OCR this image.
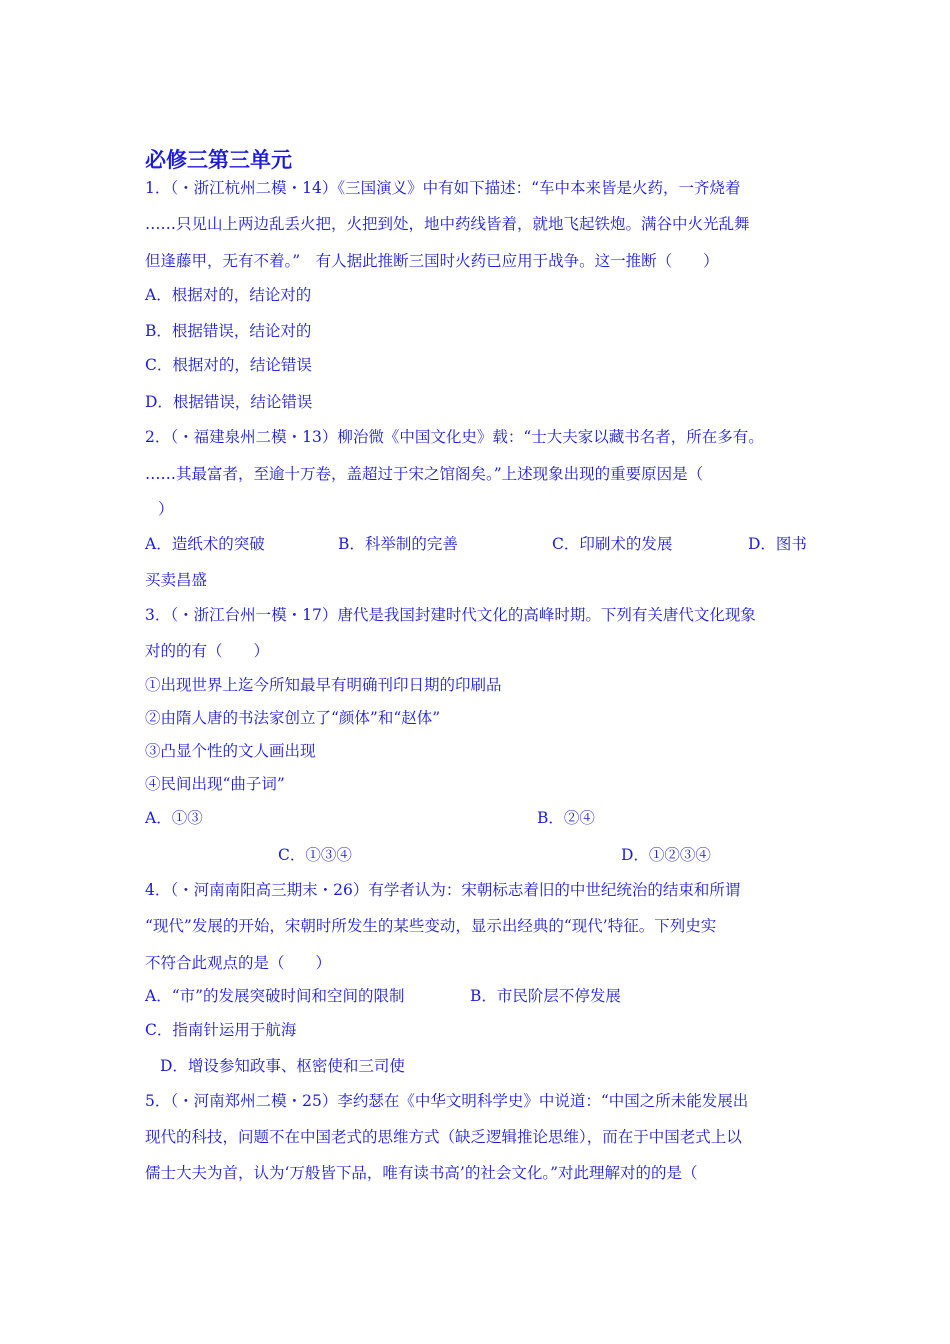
必修三第三单元
1．（・浙江杭州二模・14）《三国演义》中有如下描述：“车中本来皆是火药，一齐烧着
……只见山上两边乱丢火把，火把到处，地中药线皆着，就地飞起铁炮。满谷中火光乱舞
但逢藤甲，无有不着。”　有人据此推断三国时火药已应用于战争。这一推断（　　）
A．根据对的，结论对的
B．根据错误，结论对的
C．根据对的，结论错误
D．根据错误，结论错误
2．（・福建泉州二模・13）柳治微《中国文化史》载：“士大夫家以藏书名者，所在多有。
……其最富者，至逾十万卷，盖超过于宋之馆阁矣。”上述现象出现的重要原因是（
）
A．造纸术的突破	B．科举制的完善	C．印刷术的发展	D．图书
买卖昌盛
3．（・浙江台州一模・17）唐代是我国封建时代文化的高峰时期。下列有关唐代文化现象
对的的有（　　）
①出现世界上迄今所知最早有明确刊印日期的印刷品
②由隋人唐的书法家创立了“颜体”和“赵体”
③凸显个性的文人画出现
④民间出现“曲子词”
A．①③	B．②④
C．①③④	D．①②③④
4．（・河南南阳高三期末・26）有学者认为：宋朝标志着旧的中世纪统治的结束和所谓
“现代”发展的开始，宋朝时所发生的某些变动，显示出经典的“现代’特征。下列史实
不符合此观点的是（　　）
A．“市”的发展突破时间和空间的限制	B．市民阶层不停发展
C．指南针运用于航海
D．增设参知政事、枢密使和三司使
5．（・河南郑州二模・25）李约瑟在《中华文明科学史》中说道：“中国之所未能发展出
现代的科技，问题不在中国老式的思维方式（缺乏逻辑推论思维），而在于中国老式上以
儒士大夫为首，认为‘万般皆下品，唯有读书高’的社会文化。”对此理解对的的是（
